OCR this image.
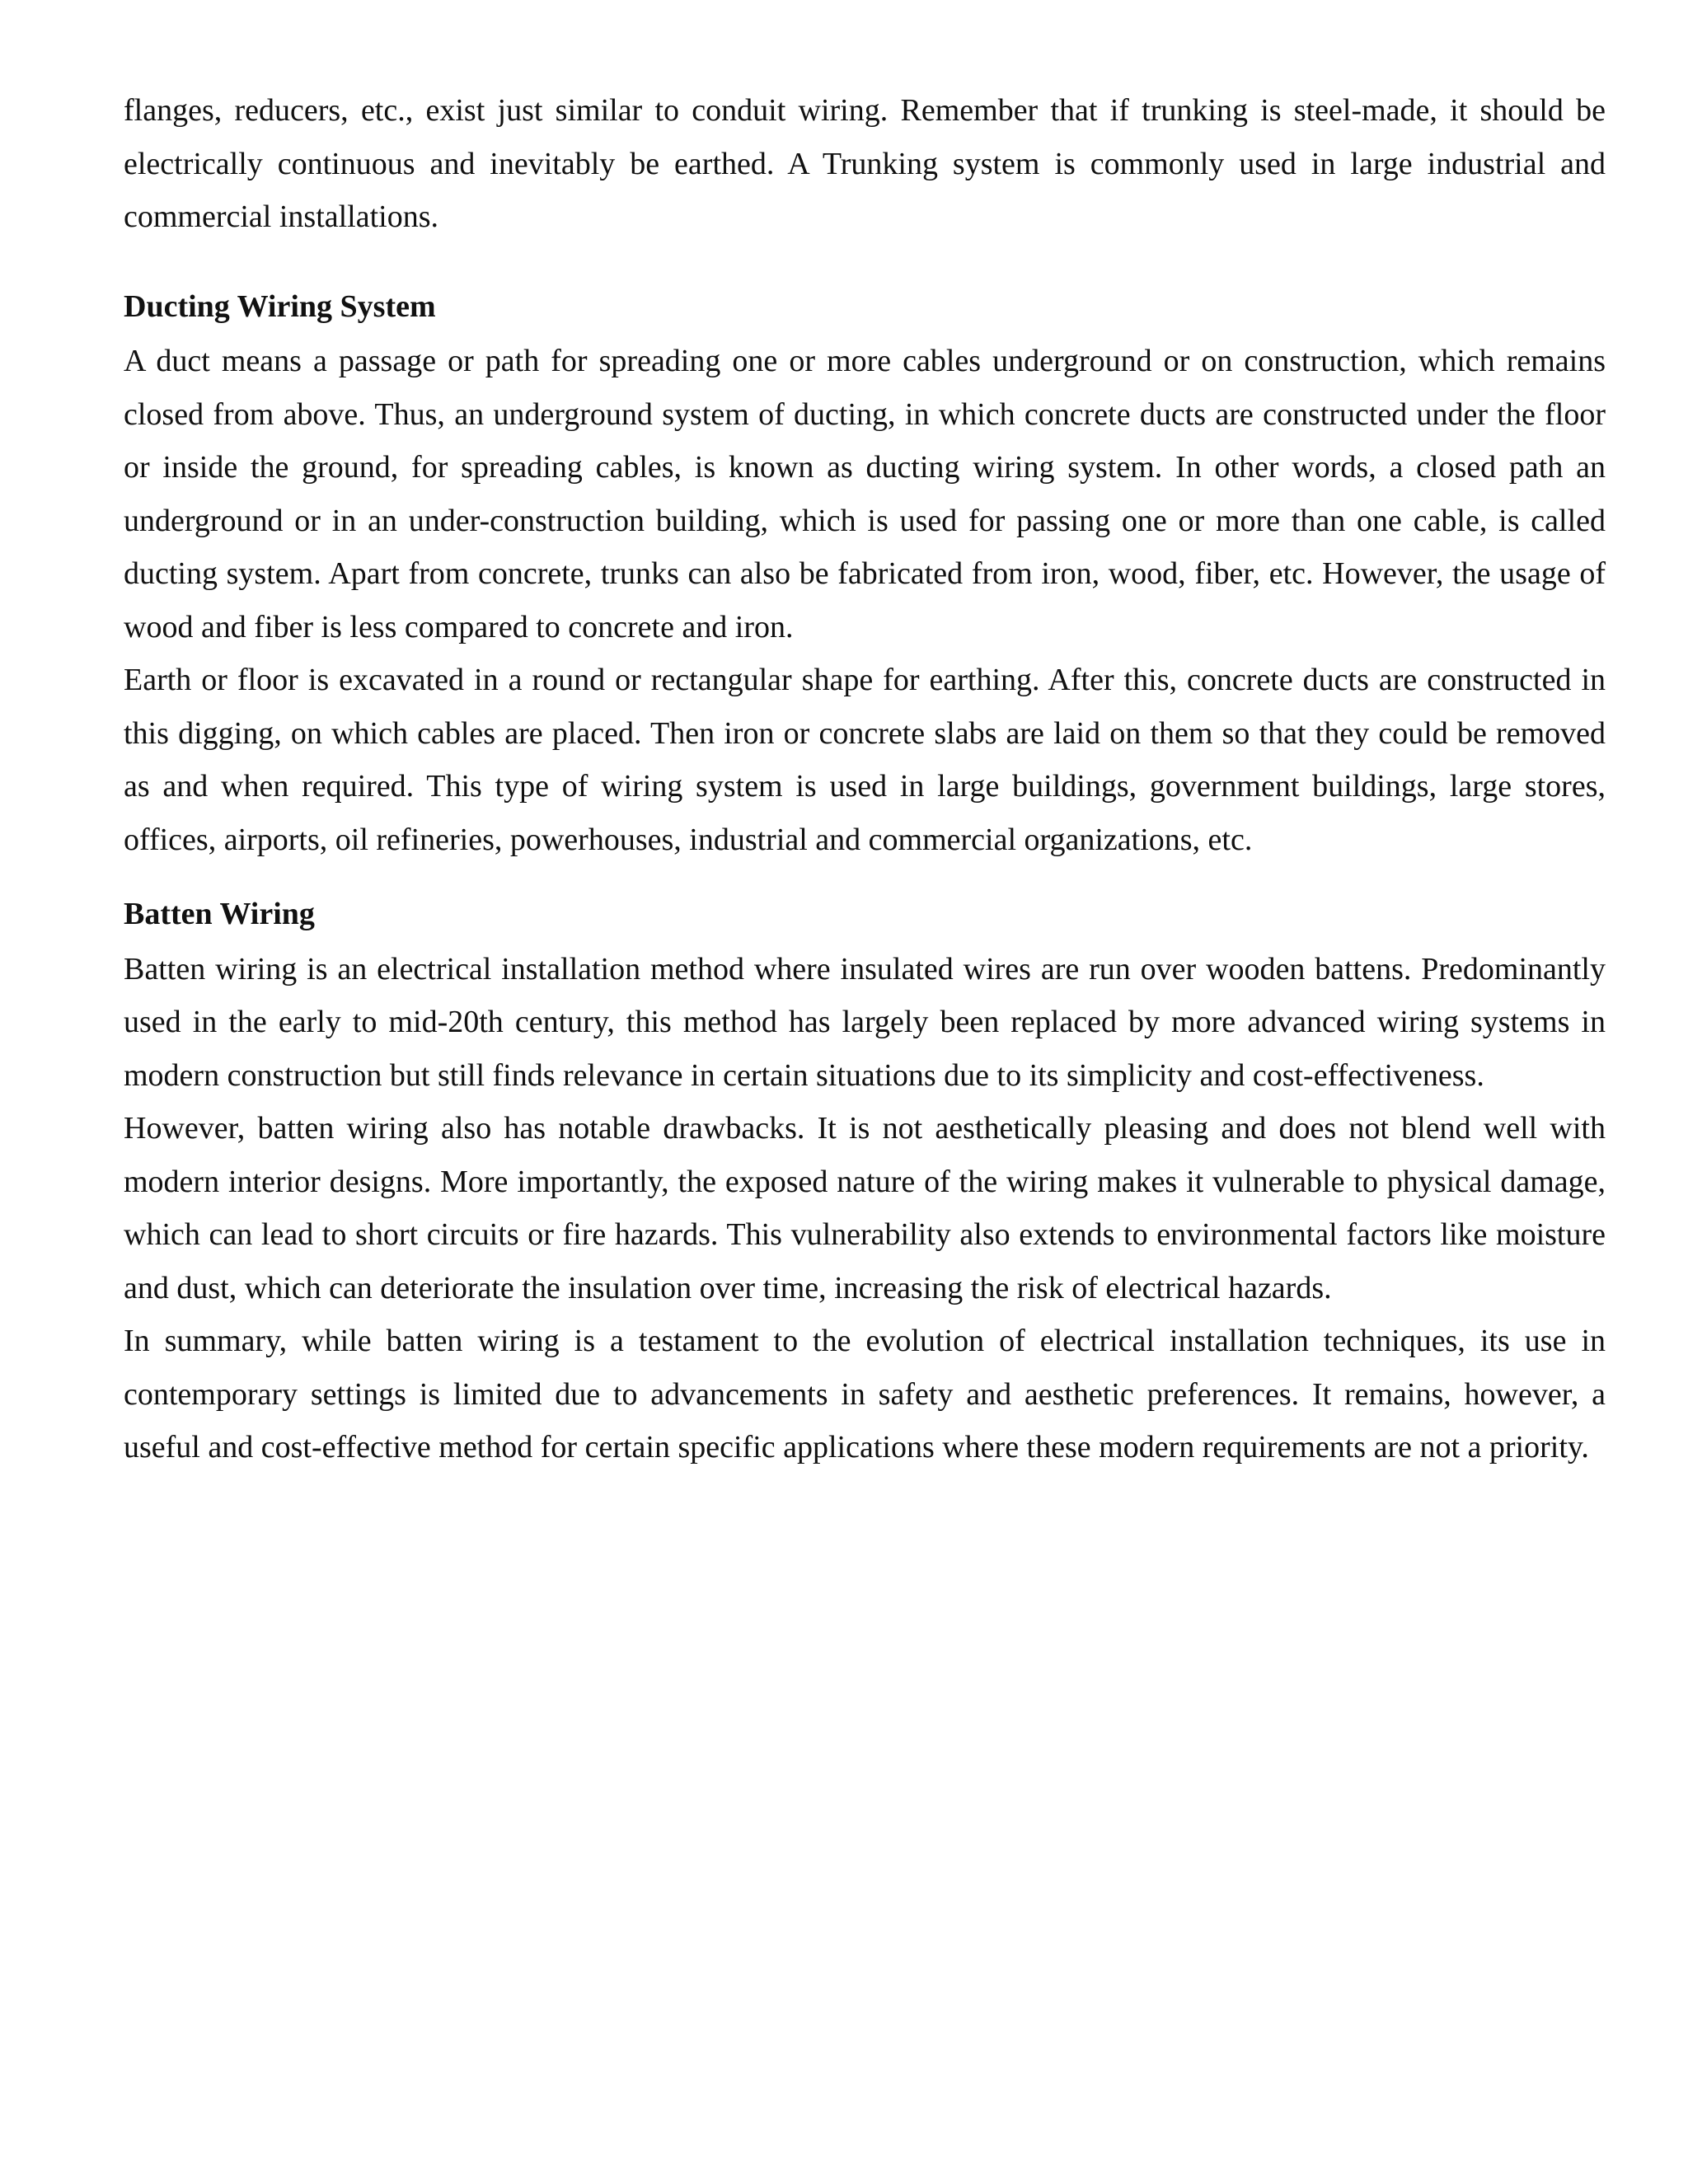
flanges, reducers, etc., exist just similar to conduit wiring. Remember that if trunking is steel-made, it should be electrically continuous and inevitably be earthed. A Trunking system is commonly used in large industrial and commercial installations.

Ducting Wiring System

A duct means a passage or path for spreading one or more cables underground or on construction, which remains closed from above. Thus, an underground system of ducting, in which concrete ducts are constructed under the floor or inside the ground, for spreading cables, is known as ducting wiring system. In other words, a closed path an underground or in an under-construction building, which is used for passing one or more than one cable, is called ducting system. Apart from concrete, trunks can also be fabricated from iron, wood, fiber, etc. However, the usage of wood and fiber is less compared to concrete and iron.

Earth or floor is excavated in a round or rectangular shape for earthing. After this, concrete ducts are constructed in this digging, on which cables are placed. Then iron or concrete slabs are laid on them so that they could be removed as and when required. This type of wiring system is used in large buildings, government buildings, large stores, offices, airports, oil refineries, powerhouses, industrial and commercial organizations, etc.

Batten Wiring

Batten wiring is an electrical installation method where insulated wires are run over wooden battens. Predominantly used in the early to mid-20th century, this method has largely been replaced by more advanced wiring systems in modern construction but still finds relevance in certain situations due to its simplicity and cost-effectiveness.

However, batten wiring also has notable drawbacks. It is not aesthetically pleasing and does not blend well with modern interior designs. More importantly, the exposed nature of the wiring makes it vulnerable to physical damage, which can lead to short circuits or fire hazards. This vulnerability also extends to environmental factors like moisture and dust, which can deteriorate the insulation over time, increasing the risk of electrical hazards.

In summary, while batten wiring is a testament to the evolution of electrical installation techniques, its use in contemporary settings is limited due to advancements in safety and aesthetic preferences. It remains, however, a useful and cost-effective method for certain specific applications where these modern requirements are not a priority.
